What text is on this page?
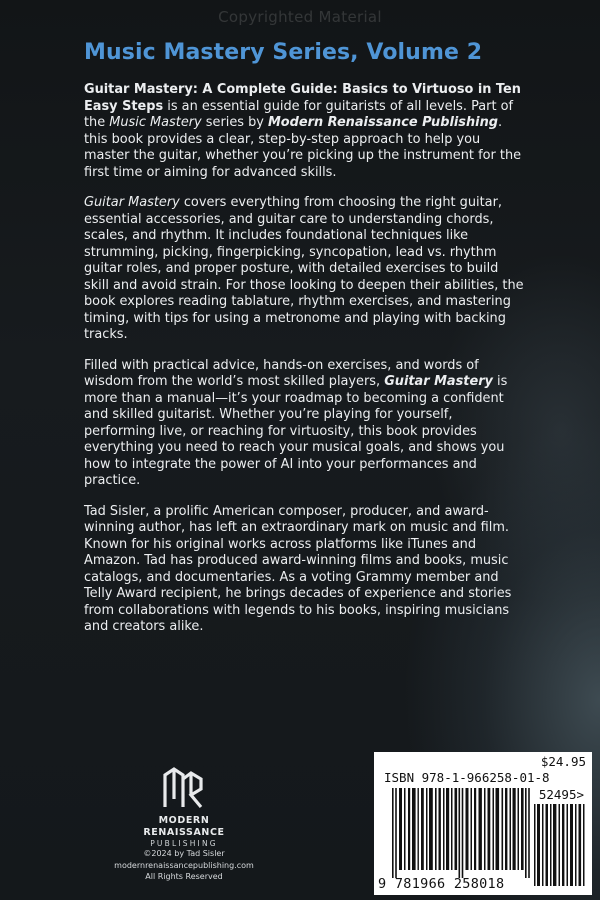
Copyrighted Material
Music Mastery Series, Volume 2

Guitar Mastery: A Complete Guide: Basics to Virtuoso in Ten Easy Steps is an essential guide for guitarists of all levels. Part of the Music Mastery series by Modern Renaissance Publishing. this book provides a clear, step-by-step approach to help you master the guitar, whether you’re picking up the instrument for the first time or aiming for advanced skills.

Guitar Mastery covers everything from choosing the right guitar, essential accessories, and guitar care to understanding chords, scales, and rhythm. It includes foundational techniques like strumming, picking, fingerpicking, syncopation, lead vs. rhythm guitar roles, and proper posture, with detailed exercises to build skill and avoid strain. For those looking to deepen their abilities, the book explores reading tablature, rhythm exercises, and mastering timing, with tips for using a metronome and playing with backing tracks.

Filled with practical advice, hands-on exercises, and words of wisdom from the world’s most skilled players, Guitar Mastery is more than a manual—it’s your roadmap to becoming a confident and skilled guitarist. Whether you’re playing for yourself, performing live, or reaching for virtuosity, this book provides everything you need to reach your musical goals, and shows you how to integrate the power of AI into your performances and practice.

Tad Sisler, a prolific American composer, producer, and award-winning author, has left an extraordinary mark on music and film. Known for his original works across platforms like iTunes and Amazon. Tad has produced award-winning films and books, music catalogs, and documentaries. As a voting Grammy member and Telly Award recipient, he brings decades of experience and stories from collaborations with legends to his books, inspiring musicians and creators alike.

MODERN RENAISSANCE
PUBLISHING
©2024 by Tad Sisler
modernrenaissancepublishing.com
All Rights Reserved
$24.95
ISBN 978-1-966258-01-8
52495>
9 781966 258018
